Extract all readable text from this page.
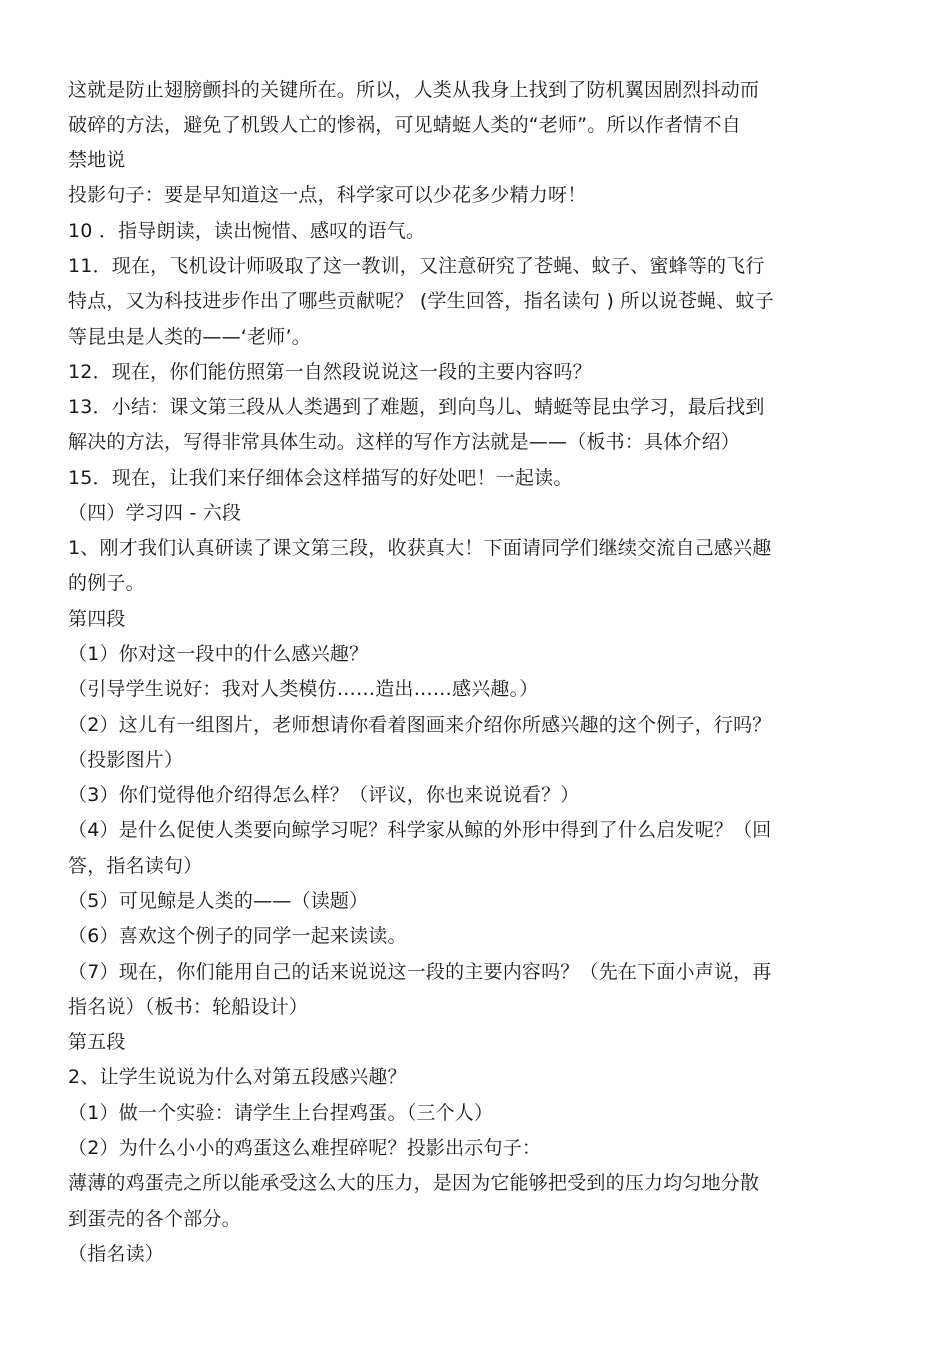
这就是防止翅膀颤抖的关键所在。所以，人类从我身上找到了防机翼因剧烈抖动而
破碎的方法，避免了机毁人亡的惨祸，可见蜻蜓人类的“老师”。所以作者情不自
禁地说
投影句子：要是早知道这一点，科学家可以少花多少精力呀！
10 ．指导朗读，读出惋惜、感叹的语气。
11．现在，飞机设计师吸取了这一教训，又注意研究了苍蝇、蚊子、蜜蜂等的飞行
特点，又为科技进步作出了哪些贡献呢？ (学生回答，指名读句 ) 所以说苍蝇、蚊子
等昆虫是人类的——‘老师’。
12．现在，你们能仿照第一自然段说说这一段的主要内容吗？
13．小结：课文第三段从人类遇到了难题，到向鸟儿、蜻蜓等昆虫学习，最后找到
解决的方法，写得非常具体生动。这样的写作方法就是——（板书：具体介绍）
15．现在，让我们来仔细体会这样描写的好处吧！一起读。
（四）学习四 - 六段
1、刚才我们认真研读了课文第三段，收获真大！下面请同学们继续交流自己感兴趣
的例子。
第四段
（1）你对这一段中的什么感兴趣？
（引导学生说好：我对人类模仿……造出……感兴趣。）
（2）这儿有一组图片，老师想请你看着图画来介绍你所感兴趣的这个例子，行吗？
（投影图片）
（3）你们觉得他介绍得怎么样？（评议，你也来说说看？）
（4）是什么促使人类要向鲸学习呢？科学家从鲸的外形中得到了什么启发呢？（回
答，指名读句）
（5）可见鲸是人类的——（读题）
（6）喜欢这个例子的同学一起来读读。
（7）现在，你们能用自己的话来说说这一段的主要内容吗？（先在下面小声说，再
指名说）（板书：轮船设计）
第五段
2、让学生说说为什么对第五段感兴趣？
（1）做一个实验：请学生上台捏鸡蛋。（三个人）
（2）为什么小小的鸡蛋这么难捏碎呢？投影出示句子：
薄薄的鸡蛋壳之所以能承受这么大的压力，是因为它能够把受到的压力均匀地分散
到蛋壳的各个部分。
（指名读）
